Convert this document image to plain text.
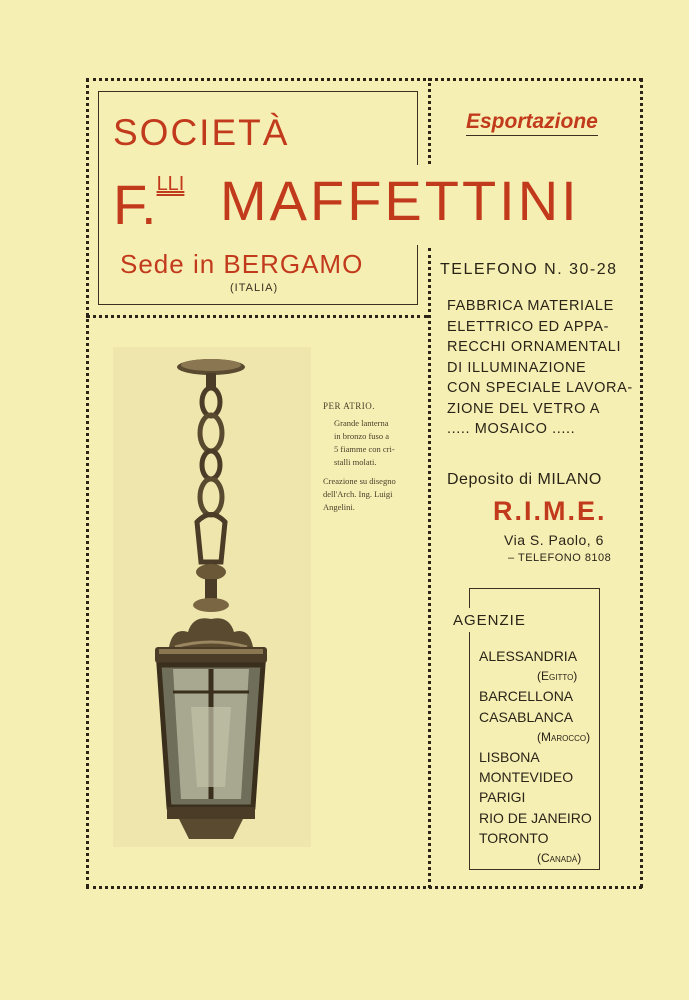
SOCIETÀ
F.$^{LLI}$ MAFFETTINI
Sede in BERGAMO
(ITALIA)
Esportazione
TELEFONO N. 30-28
FABBRICA MATERIALE
ELETTRICO ED APPA-
RECCHI ORNAMENTALI
DI ILLUMINAZIONE
CON SPECIALE LAVORA-
ZIONE DEL VETRO A
..... MOSAICO .....
Deposito di MILANO
R.I.M.E.
Via S. Paolo, 6
– TELEFONO 8108
AGENZIE
ALESSANDRIA
(Egitto)
BARCELLONA
CASABLANCA
(Marocco)
LISBONA
MONTEVIDEO
PARIGI
RIO DE JANEIRO
TORONTO
(Canadà)
PER ATRIO.
Grande lanterna
in bronzo fuso a
5 fiamme con cri-
stalli molati.
Creazione su disegno
dell'Arch. Ing. Luigi
Angelini.
